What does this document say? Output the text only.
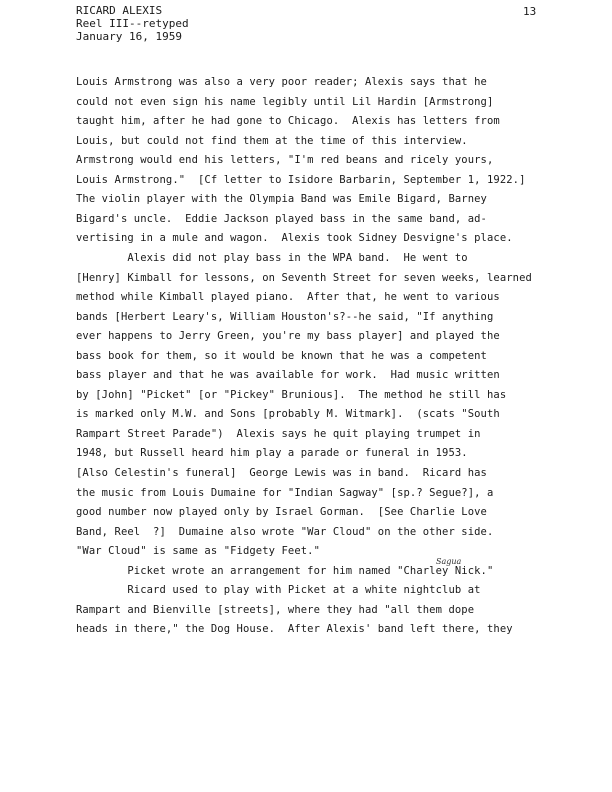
RICARD ALEXIS
Reel III--retyped
January 16, 1959
13
Louis Armstrong was also a very poor reader; Alexis says that he
could not even sign his name legibly until Lil Hardin [Armstrong]
taught him, after he had gone to Chicago.  Alexis has letters from
Louis, but could not find them at the time of this interview.
Armstrong would end his letters, "I'm red beans and ricely yours,
Louis Armstrong."  [Cf letter to Isidore Barbarin, September 1, 1922.]
The violin player with the Olympia Band was Emile Bigard, Barney
Bigard's uncle.  Eddie Jackson played bass in the same band, ad-
vertising in a mule and wagon.  Alexis took Sidney Desvigne's place.
Alexis did not play bass in the WPA band.  He went to
[Henry] Kimball for lessons, on Seventh Street for seven weeks, learned
method while Kimball played piano.  After that, he went to various
bands [Herbert Leary's, William Houston's?--he said, "If anything
ever happens to Jerry Green, you're my bass player] and played the
bass book for them, so it would be known that he was a competent
bass player and that he was available for work.  Had music written
by [John] "Picket" [or "Pickey" Brunious].  The method he still has
is marked only M.W. and Sons [probably M. Witmark].  (scats "South
Rampart Street Parade")  Alexis says he quit playing trumpet in
1948, but Russell heard him play a parade or funeral in 1953.
[Also Celestin's funeral]  George Lewis was in band.  Ricard has
the music from Louis Dumaine for "Indian Sagway" [sp.? Segue?], a
good number now played only by Israel Gorman.  [See Charlie Love
Band, Reel  ?]  Dumaine also wrote "War Cloud" on the other side.
"War Cloud" is same as "Fidgety Feet."
Picket wrote an arrangement for him named "Charley Nick."
Ricard used to play with Picket at a white nightclub at
Rampart and Bienville [streets], where they had "all them dope
heads in there," the Dog House.  After Alexis' band left there, they
Sagua
